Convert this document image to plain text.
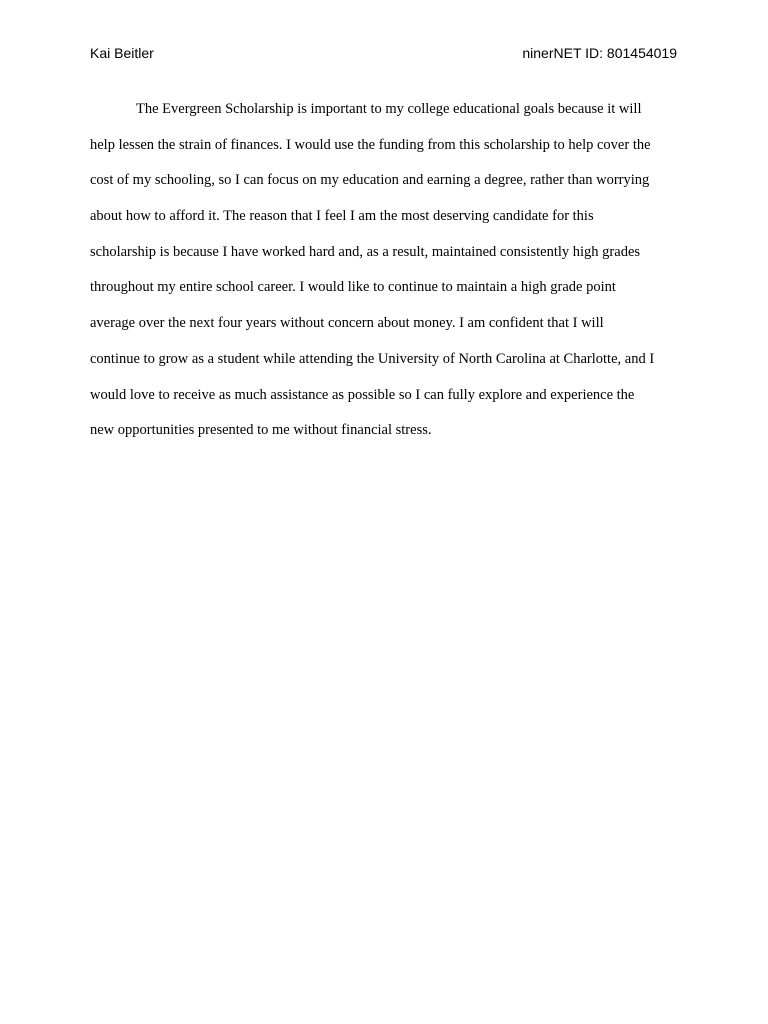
Kai Beitler	ninerNET ID: 801454019
The Evergreen Scholarship is important to my college educational goals because it will
help lessen the strain of finances. I would use the funding from this scholarship to help cover the
cost of my schooling, so I can focus on my education and earning a degree, rather than worrying
about how to afford it. The reason that I feel I am the most deserving candidate for this
scholarship is because I have worked hard and, as a result, maintained consistently high grades
throughout my entire school career. I would like to continue to maintain a high grade point
average over the next four years without concern about money. I am confident that I will
continue to grow as a student while attending the University of North Carolina at Charlotte, and I
would love to receive as much assistance as possible so I can fully explore and experience the
new opportunities presented to me without financial stress.
